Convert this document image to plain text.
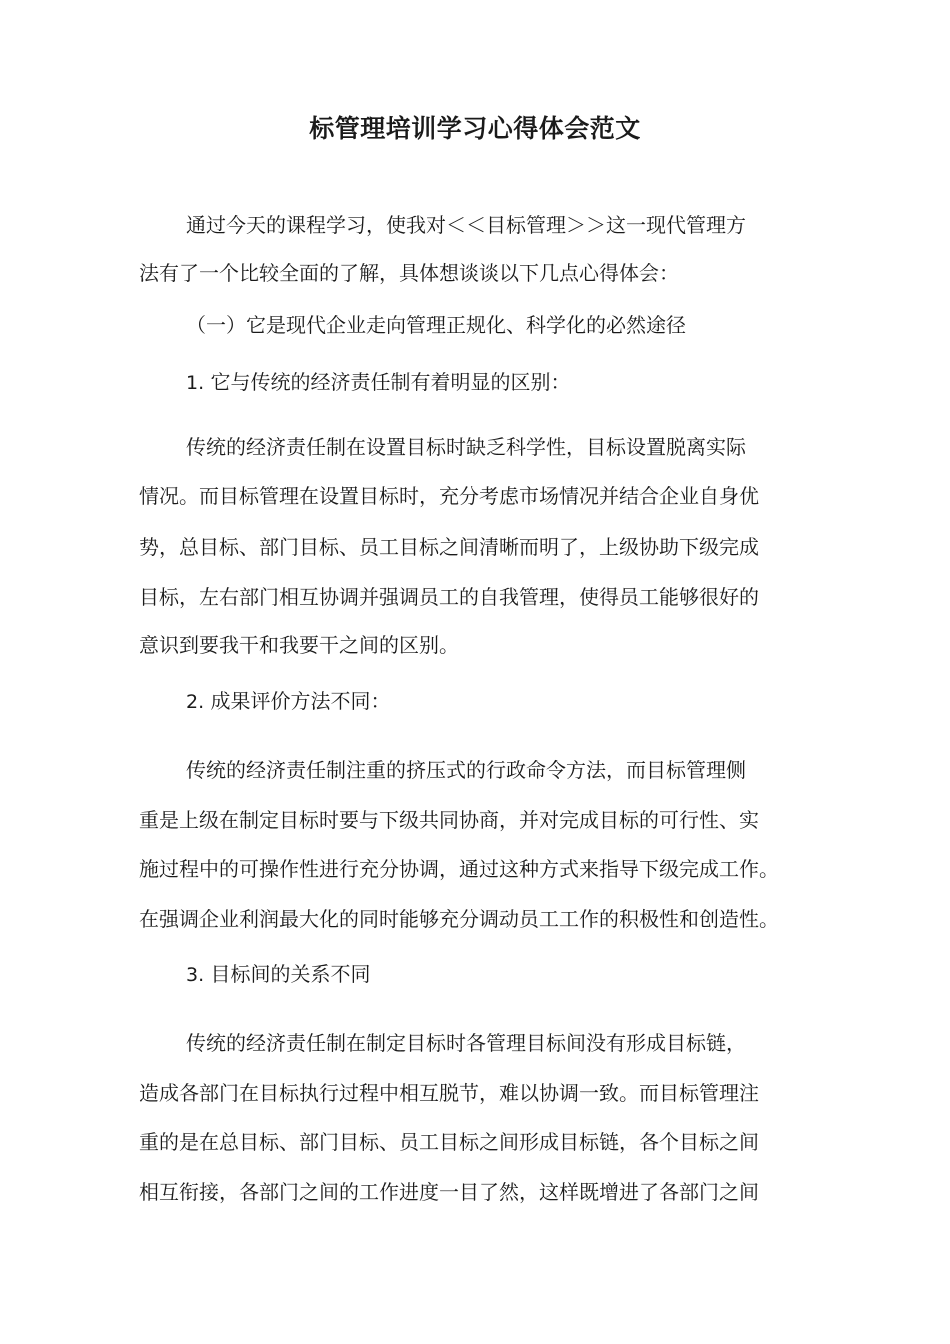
标管理培训学习心得体会范文
通过今天的课程学习，使我对＜＜目标管理＞＞这一现代管理方
法有了一个比较全面的了解，具体想谈谈以下几点心得体会：
（一）它是现代企业走向管理正规化、科学化的必然途径
1. 它与传统的经济责任制有着明显的区别：
传统的经济责任制在设置目标时缺乏科学性，目标设置脱离实际
情况。而目标管理在设置目标时，充分考虑市场情况并结合企业自身优
势，总目标、部门目标、员工目标之间清晰而明了，上级协助下级完成
目标，左右部门相互协调并强调员工的自我管理，使得员工能够很好的
意识到要我干和我要干之间的区别。
2. 成果评价方法不同：
传统的经济责任制注重的挤压式的行政命令方法，而目标管理侧
重是上级在制定目标时要与下级共同协商，并对完成目标的可行性、实
施过程中的可操作性进行充分协调，通过这种方式来指导下级完成工作。
在强调企业利润最大化的同时能够充分调动员工工作的积极性和创造性。
3. 目标间的关系不同
传统的经济责任制在制定目标时各管理目标间没有形成目标链，
造成各部门在目标执行过程中相互脱节，难以协调一致。而目标管理注
重的是在总目标、部门目标、员工目标之间形成目标链，各个目标之间
相互衔接，各部门之间的工作进度一目了然，这样既增进了各部门之间
